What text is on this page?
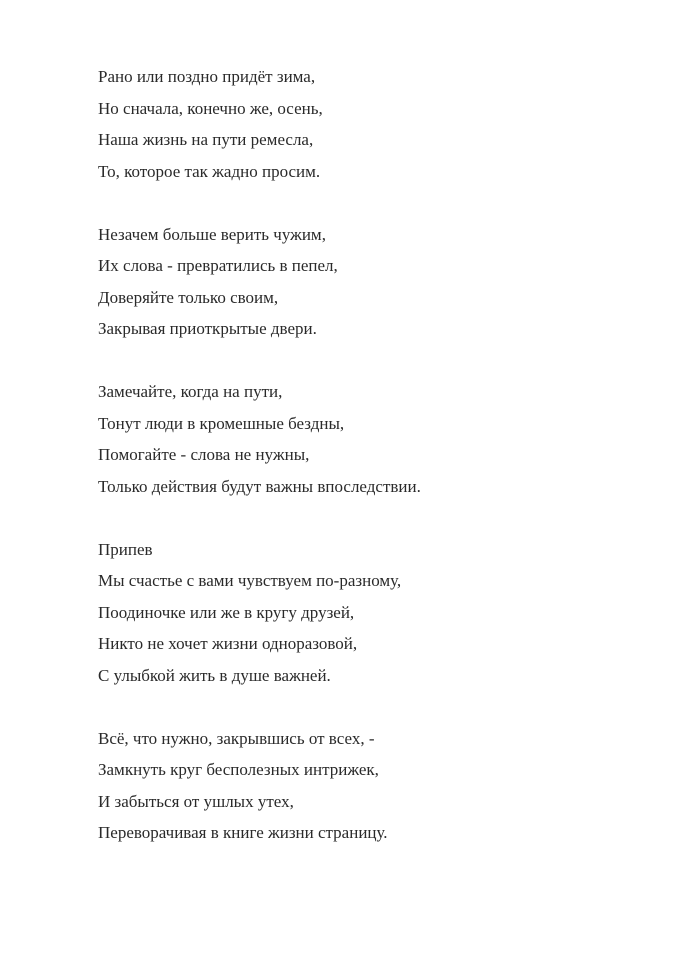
Рано или поздно придёт зима,
Но сначала, конечно же, осень,
Наша жизнь на пути ремесла,
То, которое так жадно просим.
Незачем больше верить чужим,
Их слова - превратились в пепел,
Доверяйте только своим,
Закрывая приоткрытые двери.
Замечайте, когда на пути,
Тонут люди в кромешные бездны,
Помогайте - слова не нужны,
Только действия будут важны впоследствии.
Припев
Мы счастье с вами чувствуем по-разному,
Поодиночке или же в кругу друзей,
Никто не хочет жизни одноразовой,
С улыбкой жить в душе важней.
Всё, что нужно, закрывшись от всех, -
Замкнуть круг бесполезных интрижек,
И забыться от ушлых утех,
Переворачивая в книге жизни страницу.
